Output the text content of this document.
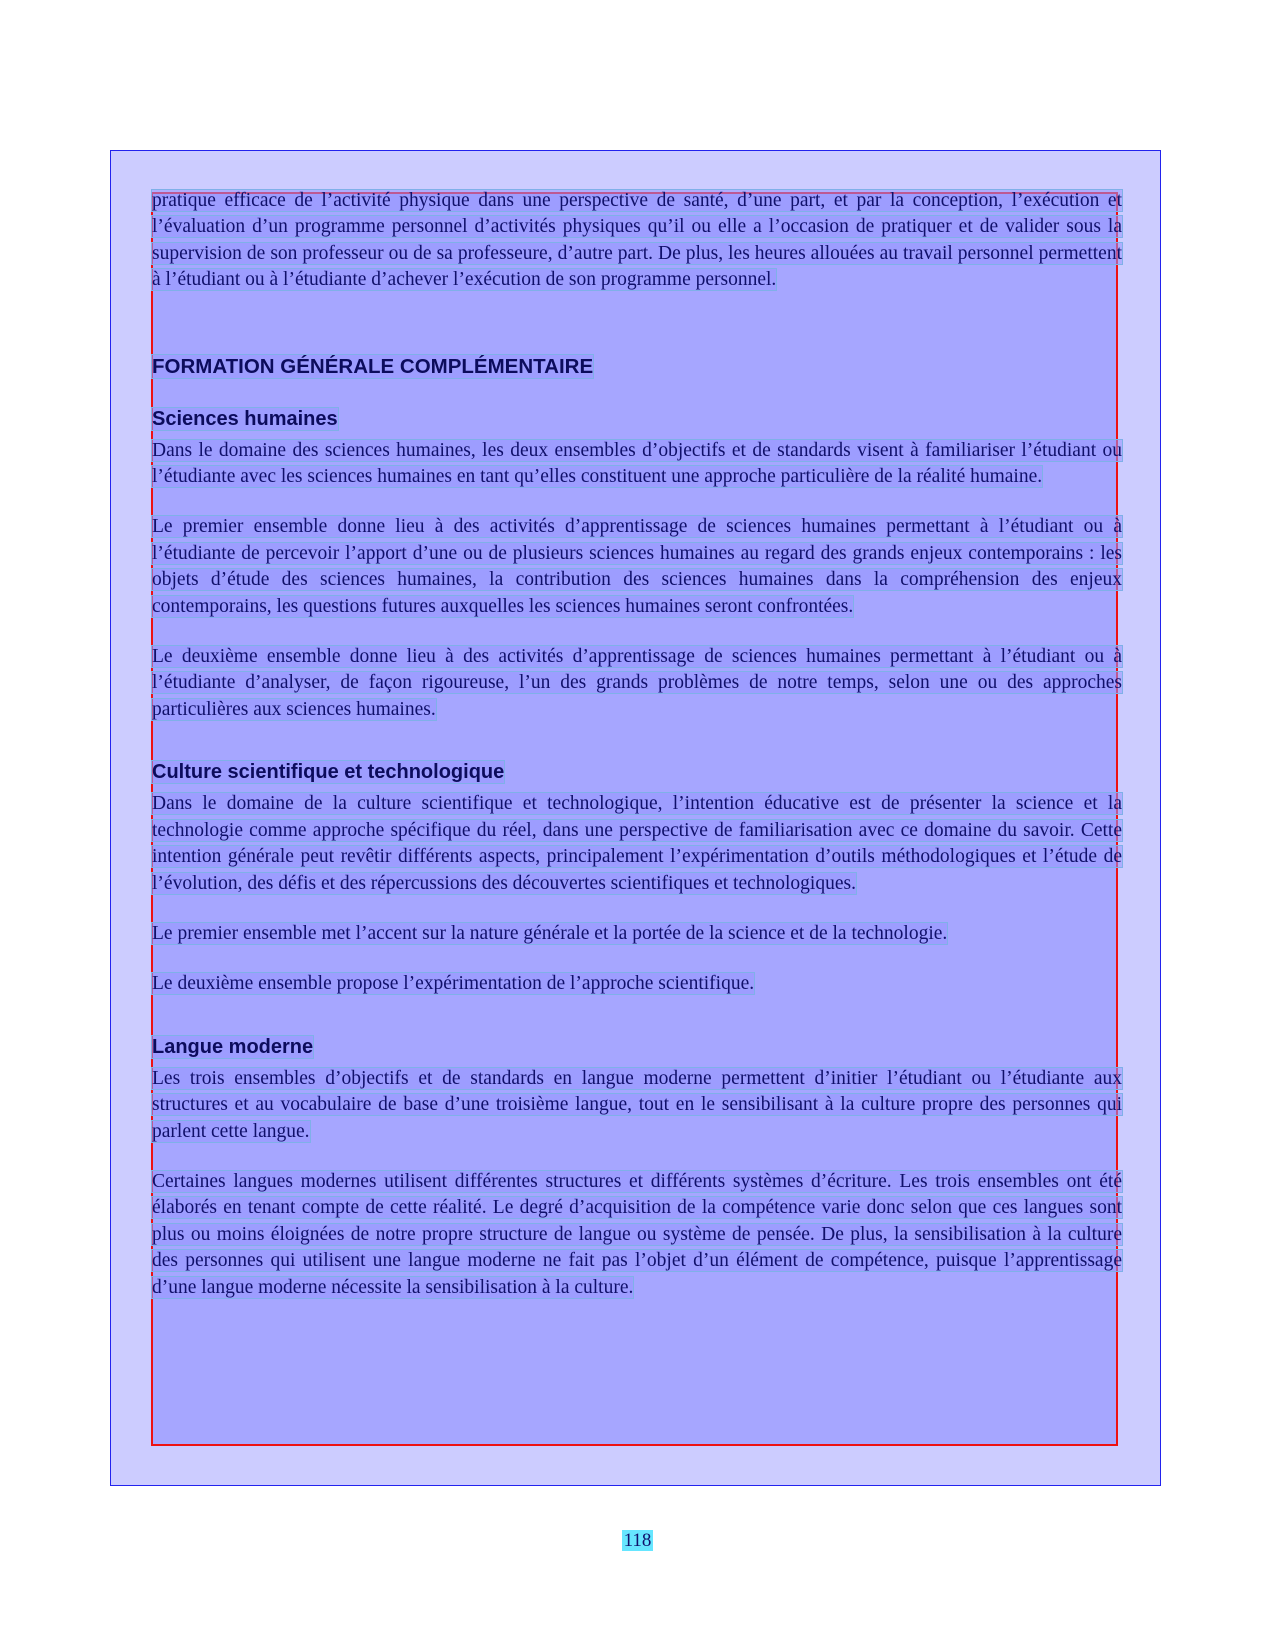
pratique efficace de l’activité physique dans une perspective de santé, d’une part, et par la conception, l’exécution et l’évaluation d’un programme personnel d’activités physiques qu’il ou elle a l’occasion de pratiquer et de valider sous la supervision de son professeur ou de sa professeure, d’autre part. De plus, les heures allouées au travail personnel permettent à l’étudiant ou à l’étudiante d’achever l’exécution de son programme personnel.

FORMATION GÉNÉRALE COMPLÉMENTAIRE
Sciences humaines

Dans le domaine des sciences humaines, les deux ensembles d’objectifs et de standards visent à familiariser l’étudiant ou l’étudiante avec les sciences humaines en tant qu’elles constituent une approche particulière de la réalité humaine.

Le premier ensemble donne lieu à des activités d’apprentissage de sciences humaines permettant à l’étudiant ou à l’étudiante de percevoir l’apport d’une ou de plusieurs sciences humaines au regard des grands enjeux contemporains : les objets d’étude des sciences humaines, la contribution des sciences humaines dans la compréhension des enjeux contemporains, les questions futures auxquelles les sciences humaines seront confrontées.

Le deuxième ensemble donne lieu à des activités d’apprentissage de sciences humaines permettant à l’étudiant ou à l’étudiante d’analyser, de façon rigoureuse, l’un des grands problèmes de notre temps, selon une ou des approches particulières aux sciences humaines.

Culture scientifique et technologique

Dans le domaine de la culture scientifique et technologique, l’intention éducative est de présenter la science et la technologie comme approche spécifique du réel, dans une perspective de familiarisation avec ce domaine du savoir. Cette intention générale peut revêtir différents aspects, principalement l’expérimentation d’outils méthodologiques et l’étude de l’évolution, des défis et des répercussions des découvertes scientifiques et technologiques.

Le premier ensemble met l’accent sur la nature générale et la portée de la science et de la technologie.

Le deuxième ensemble propose l’expérimentation de l’approche scientifique.

Langue moderne

Les trois ensembles d’objectifs et de standards en langue moderne permettent d’initier l’étudiant ou l’étudiante aux structures et au vocabulaire de base d’une troisième langue, tout en le sensibilisant à la culture propre des personnes qui parlent cette langue.

Certaines langues modernes utilisent différentes structures et différents systèmes d’écriture. Les trois ensembles ont été élaborés en tenant compte de cette réalité. Le degré d’acquisition de la compétence varie donc selon que ces langues sont plus ou moins éloignées de notre propre structure de langue ou système de pensée. De plus, la sensibilisation à la culture des personnes qui utilisent une langue moderne ne fait pas l’objet d’un élément de compétence, puisque l’apprentissage d’une langue moderne nécessite la sensibilisation à la culture.

118
